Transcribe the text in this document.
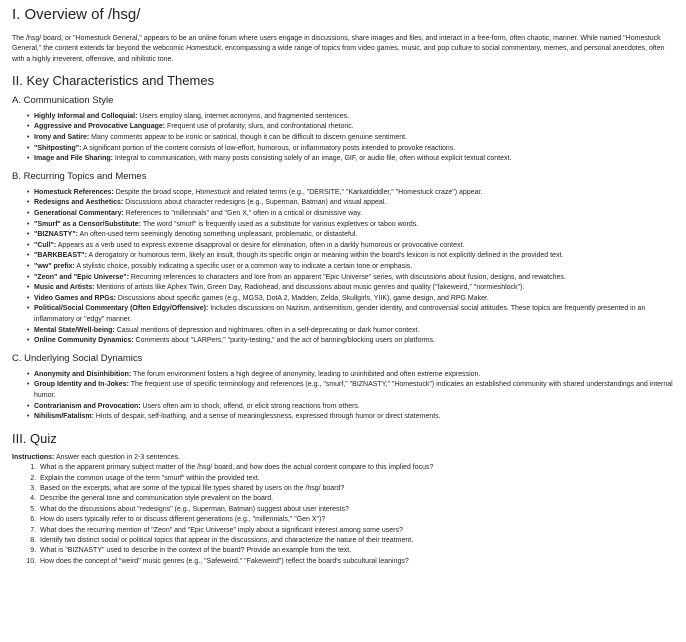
I. Overview of /hsg/

The /hsg/ board, or "Homestuck General," appears to be an online forum where users engage in discussions, share images and files, and interact in a free-form, often chaotic, manner. While named "Homestuck General," the content extends far beyond the webcomic Homestuck, encompassing a wide range of topics from video games, music, and pop culture to social commentary, memes, and personal anecdotes, often with a highly irreverent, offensive, and nihilistic tone.

II. Key Characteristics and Themes
A. Communication Style
• Highly Informal and Colloquial: Users employ slang, internet acronyms, and fragmented sentences.
• Aggressive and Provocative Language: Frequent use of profanity, slurs, and confrontational rhetoric.
• Irony and Satire: Many comments appear to be ironic or satirical, though it can be difficult to discern genuine sentiment.
• "Shitposting": A significant portion of the content consists of low-effort, humorous, or inflammatory posts intended to provoke reactions.
• Image and File Sharing: Integral to communication, with many posts consisting solely of an image, GIF, or audio file, often without explicit textual context.
B. Recurring Topics and Memes
• Homestuck References: Despite the broad scope, Homestuck and related terms (e.g., "DERSITE," "Karkatdiddler," "Homestuck craze") appear.
• Redesigns and Aesthetics: Discussions about character redesigns (e.g., Superman, Batman) and visual appeal.
• Generational Commentary: References to "millennials" and "Gen X," often in a critical or dismissive way.
• "Smurf" as a Censor/Substitute: The word "smurf" is frequently used as a substitute for various expletives or taboo words.
• "BIZNASTY": An often-used term seemingly denoting something unpleasant, problematic, or distasteful.
• "Cull": Appears as a verb used to express extreme disapproval or desire for elimination, often in a darkly humorous or provocative context.
• "BARKBEAST": A derogatory or humorous term, likely an insult, though its specific origin or meaning within the board's lexicon is not explicitly defined in the provided text.
• "ww" prefix: A stylistic choice, possibly indicating a specific user or a common way to indicate a certain tone or emphasis.
• "Zeon" and "Epic Universe": Recurring references to characters and lore from an apparent "Epic Universe" series, with discussions about fusion, designs, and rewatches.
• Music and Artists: Mentions of artists like Aphex Twin, Green Day, Radiohead, and discussions about music genres and quality ("fakeweird," "normieshlock").
• Video Games and RPGs: Discussions about specific games (e.g., MGS3, DotA 2, Madden, Zelda, Skullgirls, YIIK), game design, and RPG Maker.
• Political/Social Commentary (Often Edgy/Offensive): Includes discussions on Nazism, antisemitism, gender identity, and controversial social attitudes. These topics are frequently presented in an inflammatory or "edgy" manner.
• Mental State/Well-being: Casual mentions of depression and nightmares, often in a self-deprecating or dark humor context.
• Online Community Dynamics: Comments about "LARPers," "purity-testing," and the act of banning/blocking users on platforms.
C. Underlying Social Dynamics
• Anonymity and Disinhibition: The forum environment fosters a high degree of anonymity, leading to uninhibited and often extreme expression.
• Group Identity and In-Jokes: The frequent use of specific terminology and references (e.g., "smurf," "BIZNASTY," "Homestuck") indicates an established community with shared understandings and internal humor.
• Contrarianism and Provocation: Users often aim to shock, offend, or elicit strong reactions from others.
• Nihilism/Fatalism: Hints of despair, self-loathing, and a sense of meaninglessness, expressed through humor or direct statements.
III. Quiz

Instructions: Answer each question in 2-3 sentences.

1. What is the apparent primary subject matter of the /hsg/ board, and how does the actual content compare to this implied focus?
2. Explain the common usage of the term "smurf" within the provided text.
3. Based on the excerpts, what are some of the typical file types shared by users on the /hsg/ board?
4. Describe the general tone and communication style prevalent on the board.
5. What do the discussions about "redesigns" (e.g., Superman, Batman) suggest about user interests?
6. How do users typically refer to or discuss different generations (e.g., "millennials," "Gen X")?
7. What does the recurring mention of "Zeon" and "Epic Universe" imply about a significant interest among some users?
8. Identify two distinct social or political topics that appear in the discussions, and characterize the nature of their treatment.
9. What is "BIZNASTY" used to describe in the context of the board? Provide an example from the text.
10. How does the concept of "weird" music genres (e.g., "Safeweird," "Fakeweird") reflect the board's subcultural leanings?
